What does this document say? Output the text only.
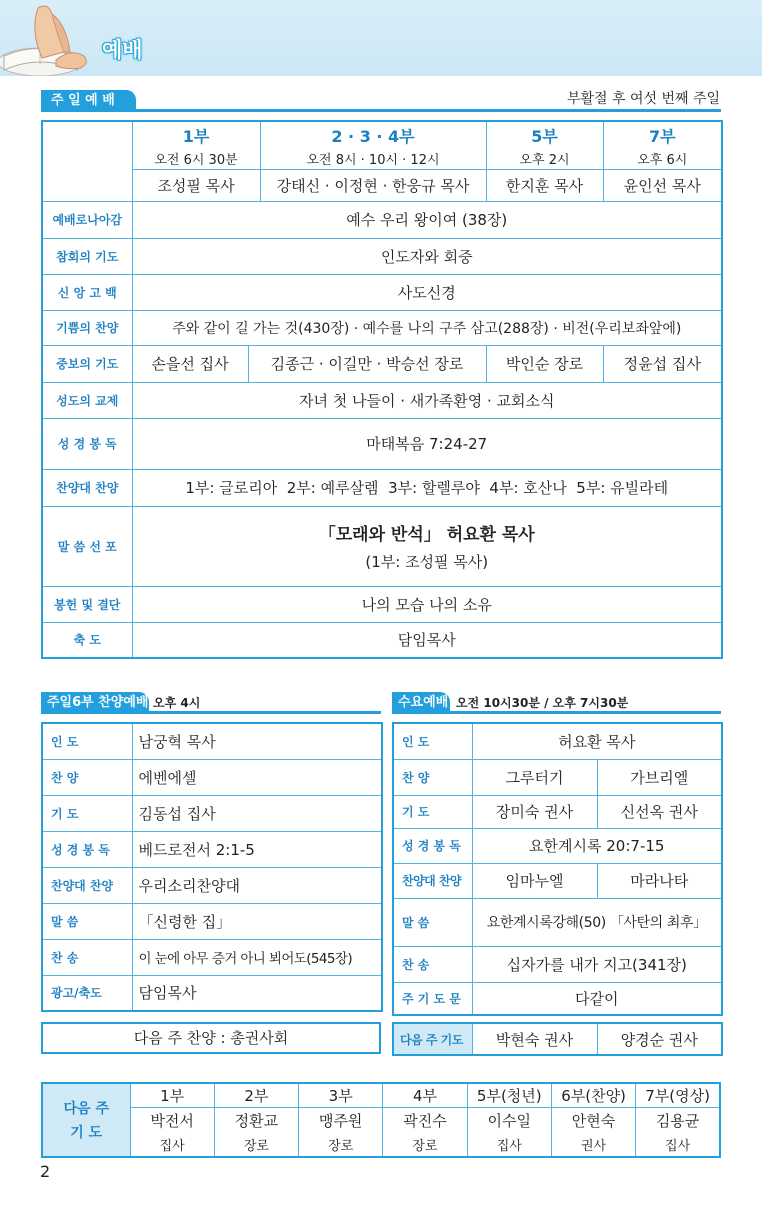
예배
주 일 예 배	부활절 후 여섯 번째 주일
	1부		2 · 3 · 4부	5부	7부
	오전 6시 30분		오전 8시 · 10시 · 12시	오후 2시	오후 6시
	조성필 목사		강태신 · 이정현 · 한웅규 목사	한지훈 목사	윤인선 목사
예배로나아감	예수 우리 왕이여 (38장)				
참회의 기도	인도자와 회중				
신 앙 고 백	사도신경				
기쁨의 찬양	주와 같이 길 가는 것(430장) · 예수를 나의 구주 삼고(288장) · 비전(우리보좌앞에)				
중보의 기도	손을선 집사	김종근 · 이길만 · 박승선 장로		박인순 장로	정윤섭 집사
성도의 교제	자녀 첫 나들이 · 새가족환영 · 교회소식				
성 경 봉 독	마태복음 7:24-27				
찬양대 찬양	1부: 글로리아  2부: 예루살렘  3부: 할렐루야  4부: 호산나  5부: 유빌라테				
말 씀 선 포	「모래와 반석」 허요환 목사
(1부: 조성필 목사)				

봉헌 및 결단	나의 모습 나의 소유				
축 도	담임목사				
주일6부 찬양예배 오후 4시
인 도	남궁혁 목사
찬 양	에벤에셀
기 도	김동섭 집사
성 경 봉 독	베드로전서 2:1-5
찬양대 찬양	우리소리찬양대
말 씀	「신령한 집」
찬 송	이 눈에 아무 증거 아니 뵈어도(545장)
광고/축도	담임목사
다음 주 찬양 : 총권사회
수요예배 오전 10시30분 / 오후 7시30분
인 도	허요환 목사	
찬 양	그루터기	가브리엘
기 도	장미숙 권사	신선옥 권사
성 경 봉 독	요한계시록 20:7-15	
찬양대 찬양	임마누엘	마라나타
말 씀	요한계시록강해(50) 「사탄의 최후」	
찬 송	십자가를 내가 지고(341장)	
주 기 도 문	다같이	
다음 주 기도	박현숙 권사	양경순 권사
다음 주
기 도	1부	2부	3부	4부	5부(청년)	6부(찬양)	7부(영상)
	박전서	정환교	맹주원	곽진수	이수일	안현숙	김용균
	집사	장로	장로	장로	집사	권사	집사
2
